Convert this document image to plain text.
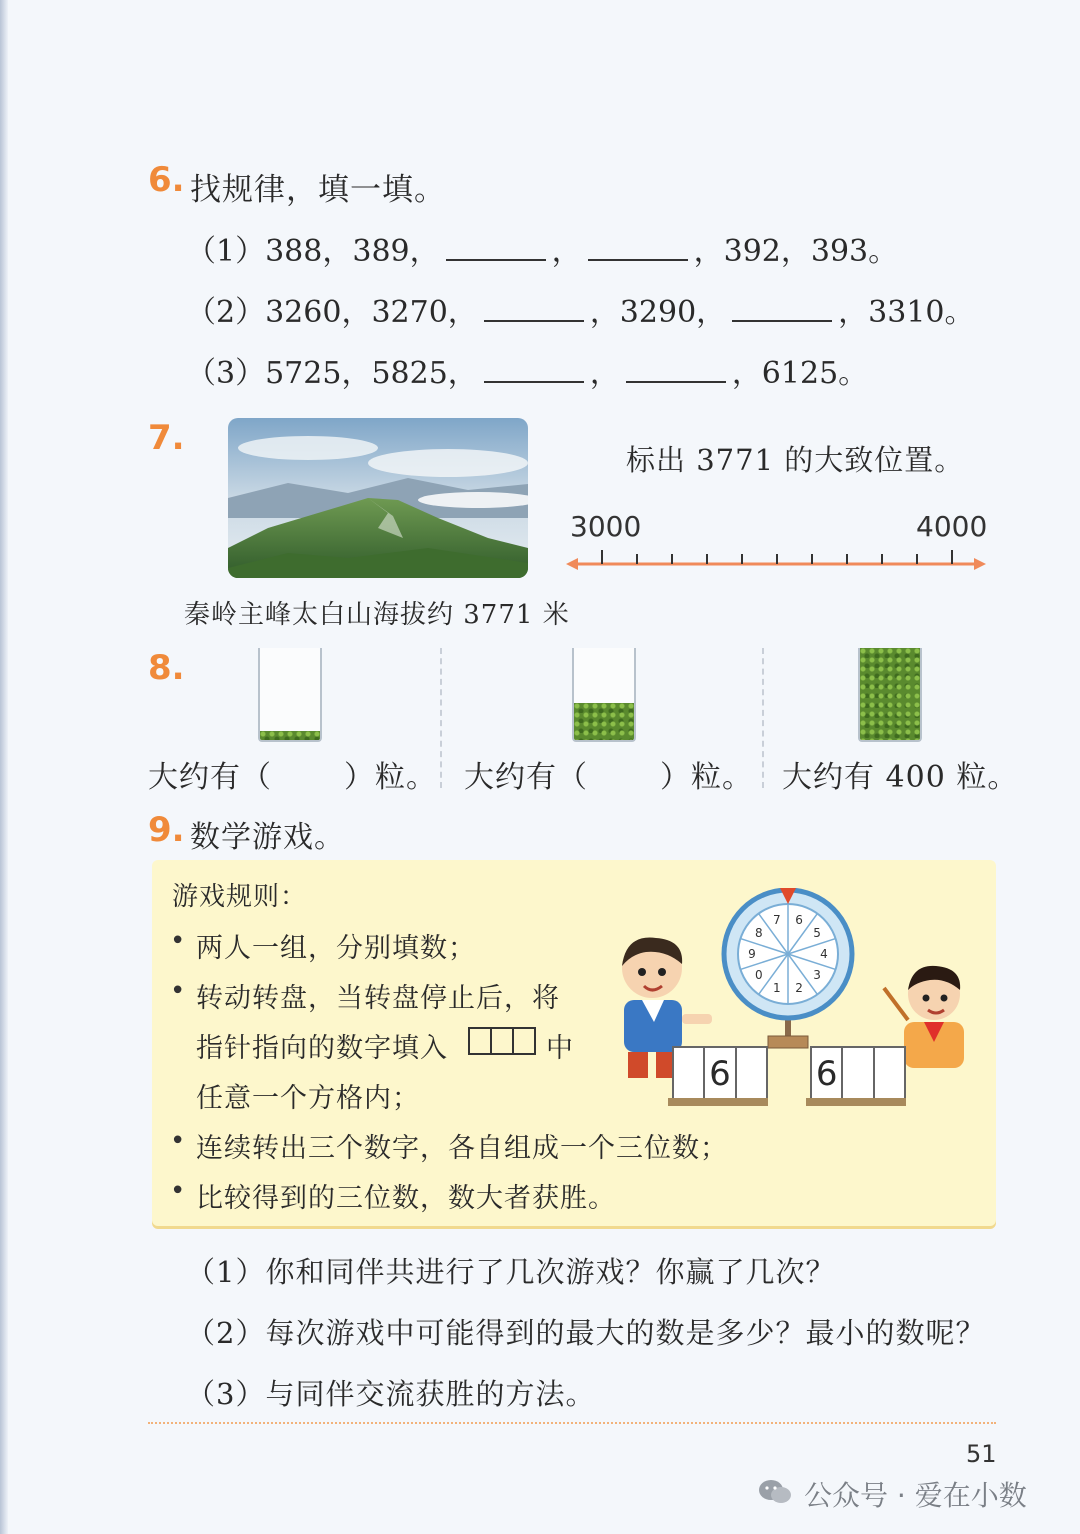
6. 找规律，填一填。
（1） 388， 389，	，	，392，393。
（2） 3260， 3270，	，3290，	，3310。
（3） 5725， 5825，	，	，6125。
7.
标出 3771 的大致位置。
3000	4000
秦岭主峰太白山海拔约 3771 米
8.
大约有（ ）粒。 大约有（ ）粒。 大约有 400 粒。
9. 数学游戏。
游戏规则：
• 两人一组，分别填数；
• 转动转盘，当转盘停止后，将
指针指向的数字填入	中
任意一个方格内；
• 连续转出三个数字，各自组成一个三位数；
• 比较得到的三位数，数大者获胜。
6
5
4
3
2
1
0
9
8
7
6	6
（1）你和同伴共进行了几次游戏？你赢了几次？
（2）每次游戏中可能得到的最大的数是多少？最小的数呢？
（3）与同伴交流获胜的方法。
51
公众号 · 爱在小数
